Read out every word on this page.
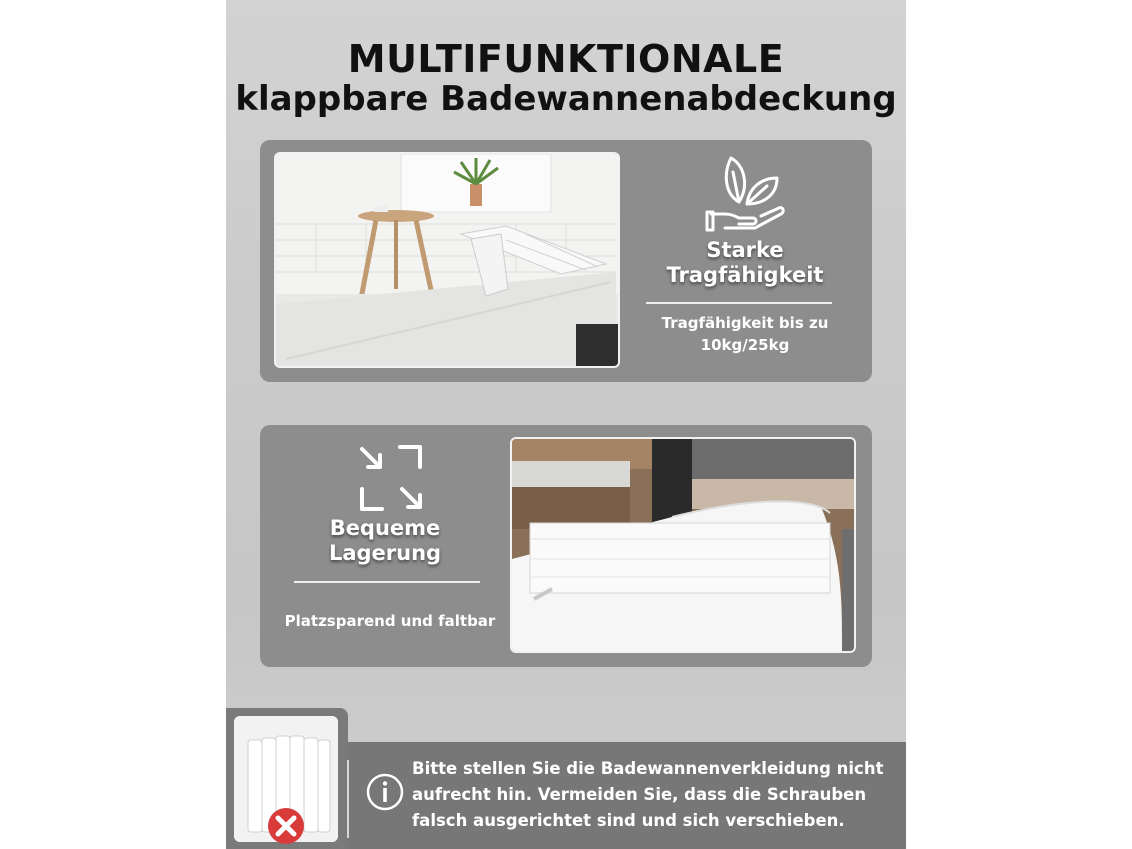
MULTIFUNKTIONALE
klappbare Badewannenabdeckung
Starke
Tragfähigkeit
Tragfähigkeit bis zu
10kg/25kg
Bequeme
Lagerung
Platzsparend und faltbar
Bitte stellen Sie die Badewannenverkleidung nicht
aufrecht hin. Vermeiden Sie, dass die Schrauben
falsch ausgerichtet sind und sich verschieben.
